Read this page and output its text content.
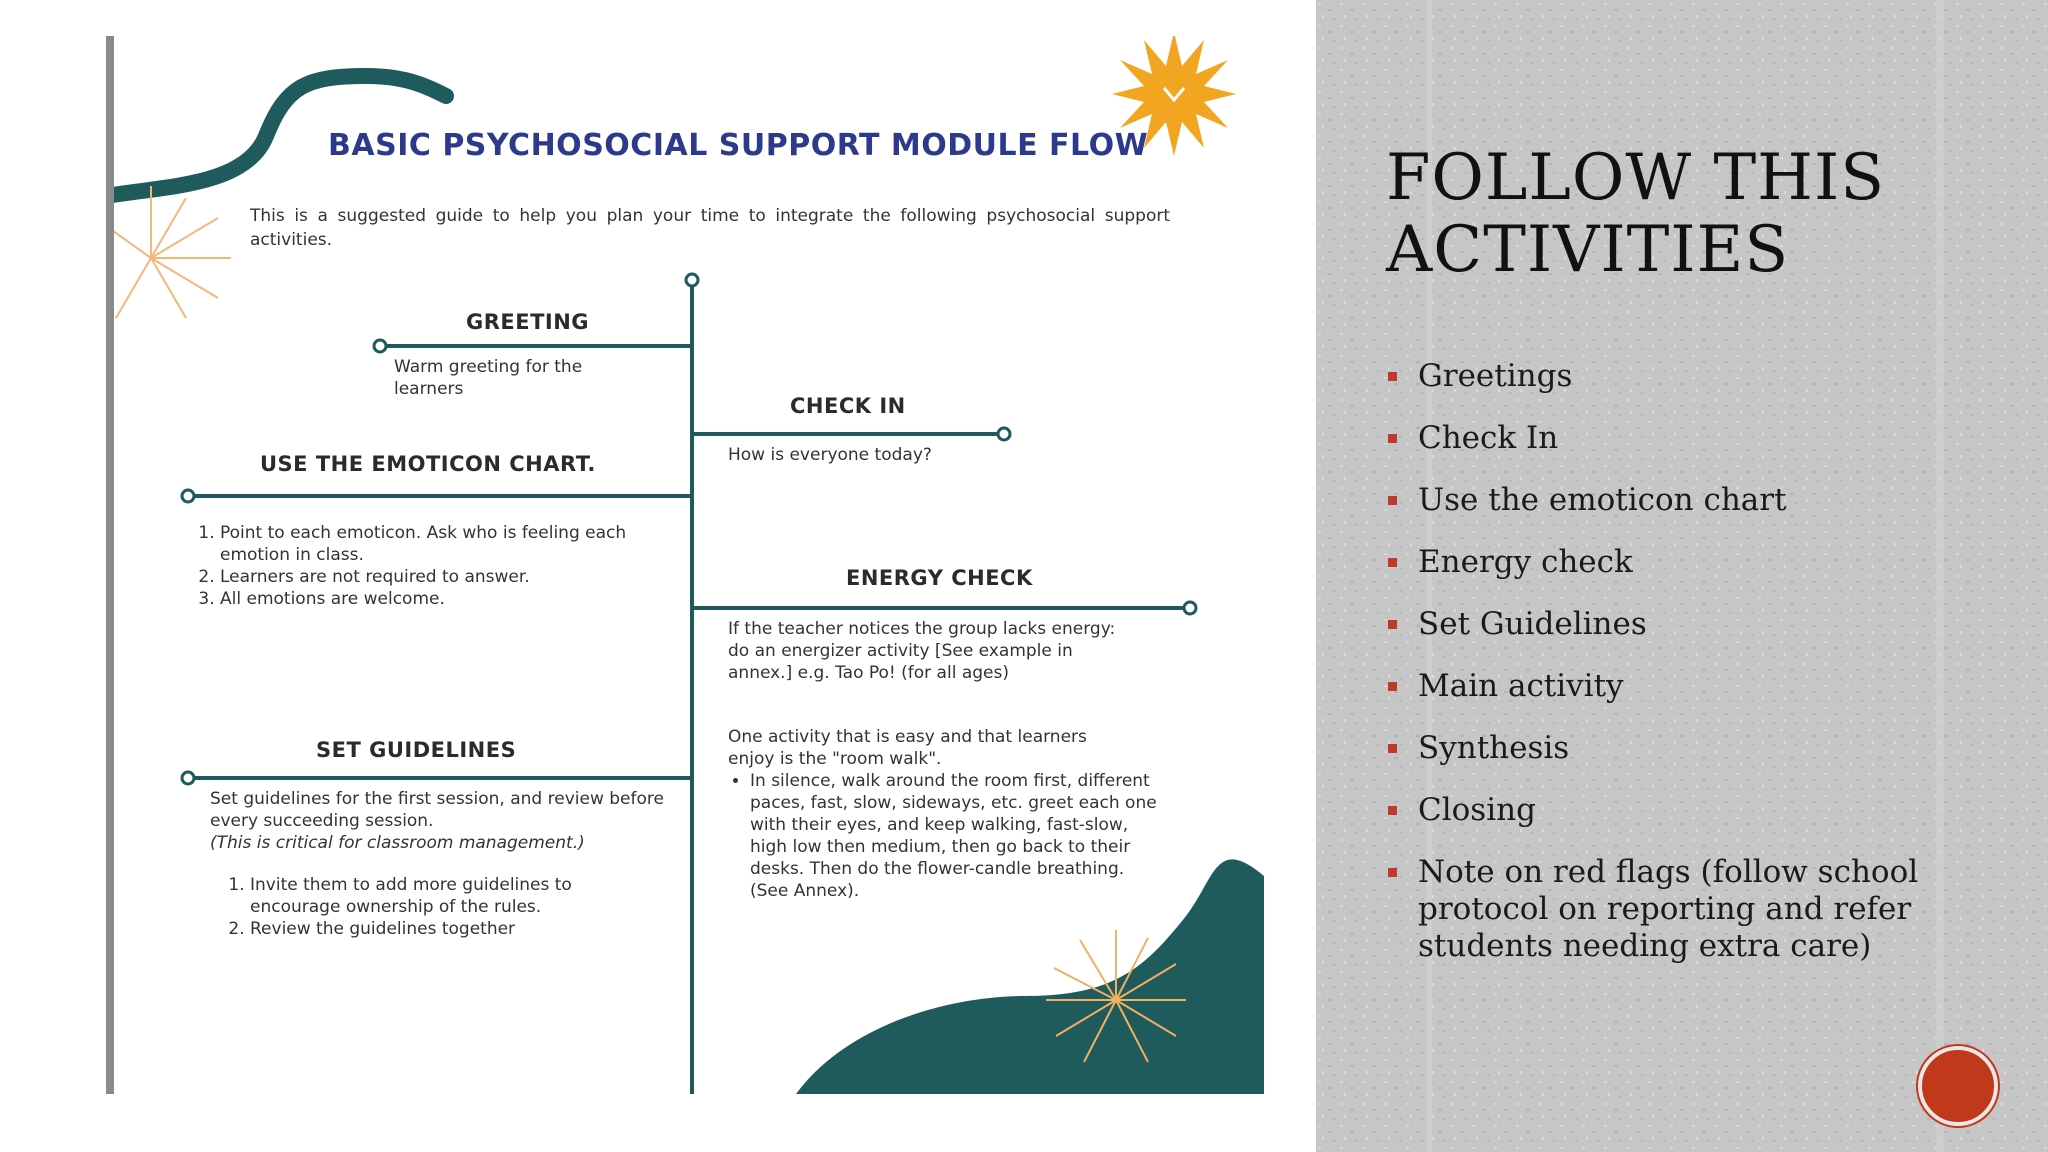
BASIC PSYCHOSOCIAL SUPPORT MODULE FLOW
This is a suggested guide to help you plan your time to integrate the following psychosocial support activities.
GREETING
Warm greeting for the learners
CHECK IN
How is everyone today?
USE THE EMOTICON CHART.
1. Point to each emoticon. Ask who is feeling each emotion in class.
2. Learners are not required to answer.
3. All emotions are welcome.
ENERGY CHECK
If the teacher notices the group lacks energy: do an energizer activity [See example in annex.] e.g. Tao Po! (for all ages)
One activity that is easy and that learners enjoy is the "room walk".
• In silence, walk around the room first, different paces, fast, slow, sideways, etc. greet each one with their eyes, and keep walking, fast-slow, high low then medium, then go back to their desks. Then do the flower-candle breathing. (See Annex).
SET GUIDELINES
Set guidelines for the first session, and review before every succeeding session.
(This is critical for classroom management.)
1. Invite them to add more guidelines to encourage ownership of the rules.
2. Review the guidelines together
FOLLOW THIS ACTIVITIES
Greetings
Check In
Use the emoticon chart
Energy check
Set Guidelines
Main activity
Synthesis
Closing
Note on red flags (follow school protocol on reporting and refer students needing extra care)
